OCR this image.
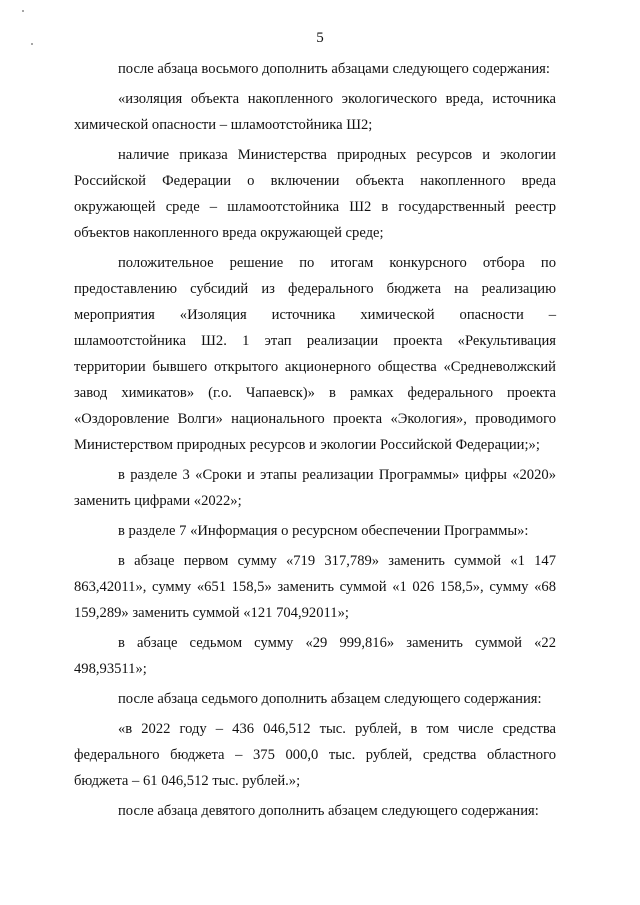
5

после абзаца восьмого дополнить абзацами следующего содержания:

«изоляция объекта накопленного экологического вреда, источника химической опасности – шламоотстойника Ш2;

наличие приказа Министерства природных ресурсов и экологии Российской Федерации о включении объекта накопленного вреда окружающей среде – шламоотстойника Ш2 в государственный реестр объектов накопленного вреда окружающей среде;

положительное решение по итогам конкурсного отбора по предоставлению субсидий из федерального бюджета на реализацию мероприятия «Изоляция источника химической опасности – шламоотстойника Ш2. 1 этап реализации проекта «Рекультивация территории бывшего открытого акционерного общества «Средневолжский завод химикатов» (г.о. Чапаевск)» в рамках федерального проекта «Оздоровление Волги» национального проекта «Экология», проводимого Министерством природных ресурсов и экологии Российской Федерации;»;

в разделе 3 «Сроки и этапы реализации Программы» цифры «2020» заменить цифрами «2022»;

в разделе 7 «Информация о ресурсном обеспечении Программы»:

в абзаце первом сумму «719 317,789» заменить суммой «1 147 863,42011», сумму «651 158,5» заменить суммой «1 026 158,5», сумму «68 159,289» заменить суммой «121 704,92011»;

в абзаце седьмом сумму «29 999,816» заменить суммой «22 498,93511»;

после абзаца седьмого дополнить абзацем следующего содержания:

«в 2022 году – 436 046,512 тыс. рублей, в том числе средства федерального бюджета – 375 000,0 тыс. рублей, средства областного бюджета – 61 046,512 тыс. рублей.»;

после абзаца девятого дополнить абзацем следующего содержания:
